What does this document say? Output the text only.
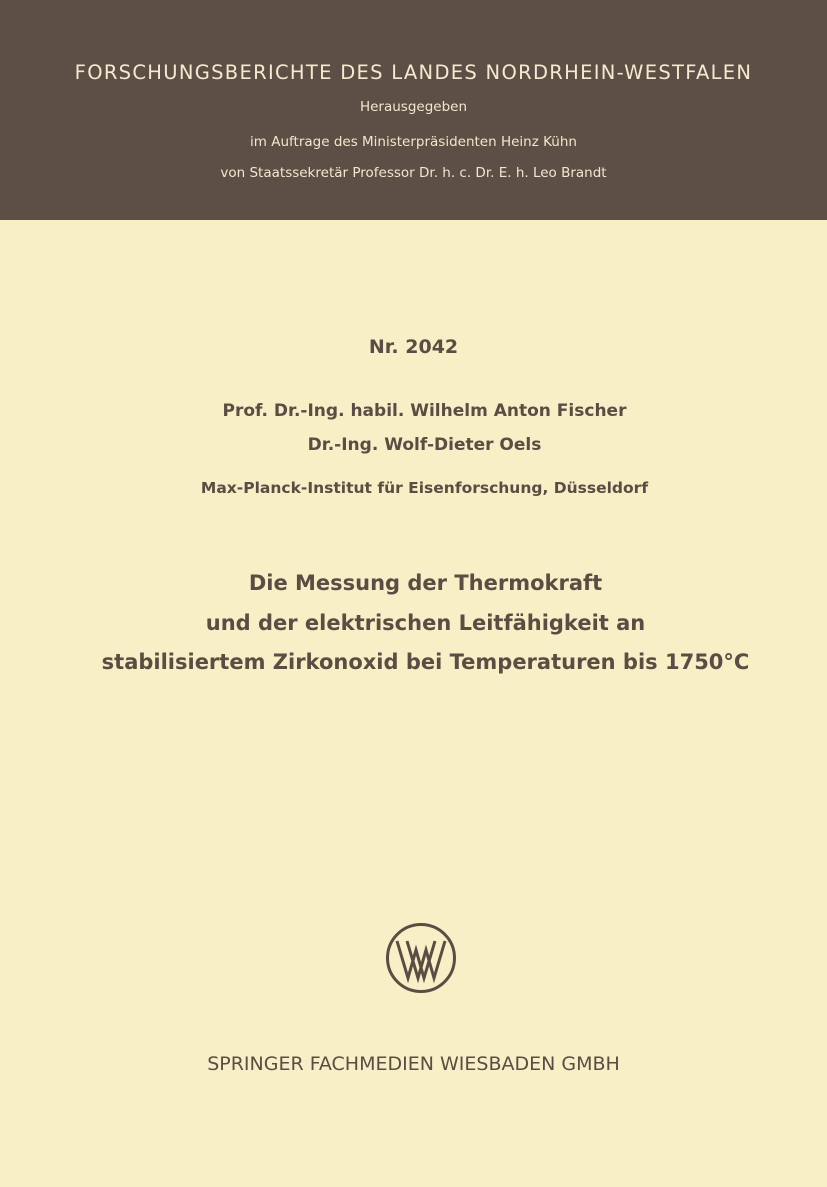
FORSCHUNGSBERICHTE DES LANDES NORDRHEIN-WESTFALEN
Herausgegeben
im Auftrage des Ministerpräsidenten Heinz Kühn
von Staatssekretär Professor Dr. h. c. Dr. E. h. Leo Brandt
Nr. 2042
Prof. Dr.-Ing. habil. Wilhelm Anton Fischer
Dr.-Ing. Wolf-Dieter Oels
Max-Planck-Institut für Eisenforschung, Düsseldorf
Die Messung der Thermokraft
und der elektrischen Leitfähigkeit an
stabilisiertem Zirkonoxid bei Temperaturen bis 1750°C
SPRINGER FACHMEDIEN WIESBADEN GMBH
